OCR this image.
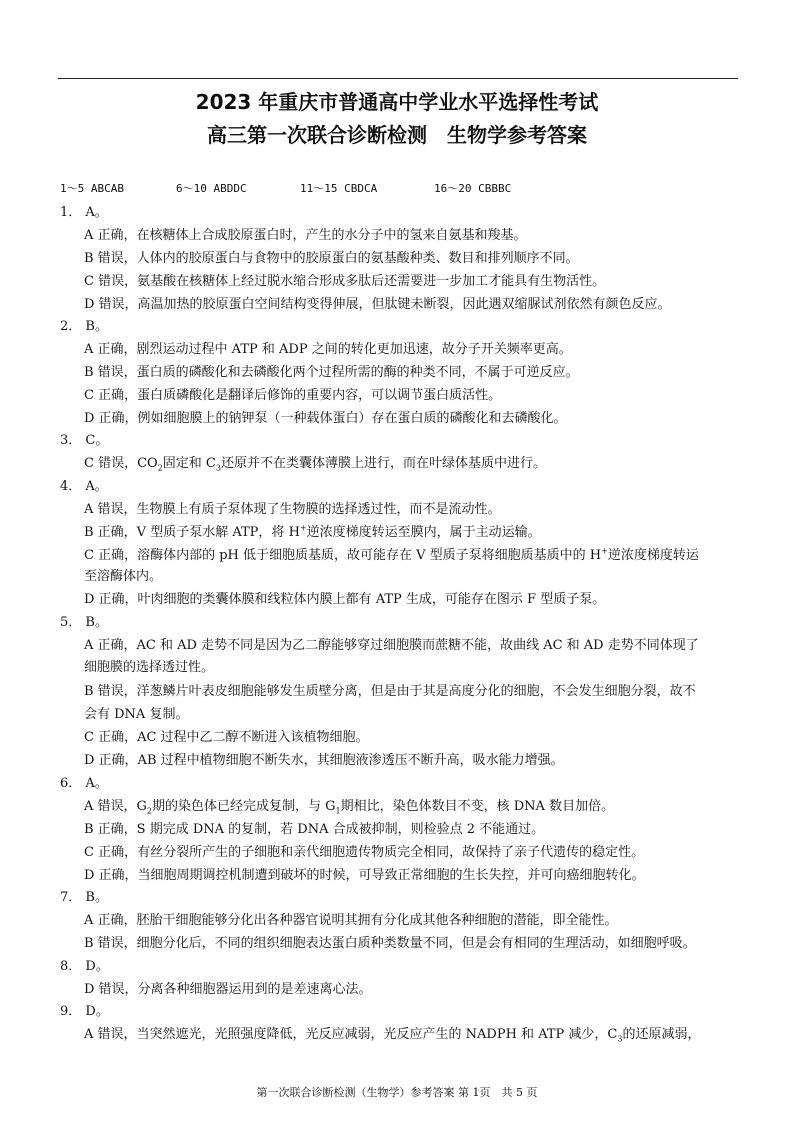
2023 年重庆市普通高中学业水平选择性考试
高三第一次联合诊断检测　生物学参考答案
1～5 ABCAB	6～10 ABDDC	11～15 CBDCA	16～20 CBBBC
1． A。
A 正确，在核糖体上合成胶原蛋白时，产生的水分子中的氢来自氨基和羧基。
B 错误，人体内的胶原蛋白与食物中的胶原蛋白的氨基酸种类、数目和排列顺序不同。
C 错误，氨基酸在核糖体上经过脱水缩合形成多肽后还需要进一步加工才能具有生物活性。
D 错误，高温加热的胶原蛋白空间结构变得伸展，但肽键未断裂，因此遇双缩脲试剂依然有颜色反应。
2． B。
A 正确，剧烈运动过程中 ATP 和 ADP 之间的转化更加迅速，故分子开关频率更高。
B 错误，蛋白质的磷酸化和去磷酸化两个过程所需的酶的种类不同，不属于可逆反应。
C 正确，蛋白质磷酸化是翻译后修饰的重要内容，可以调节蛋白质活性。
D 正确，例如细胞膜上的钠钾泵（一种载体蛋白）存在蛋白质的磷酸化和去磷酸化。
3． C。
C 错误，$CO_2$固定和 $C_3$还原并不在类囊体薄膜上进行，而在叶绿体基质中进行。
4． A。
A 错误，生物膜上有质子泵体现了生物膜的选择透过性，而不是流动性。
B 正确，V 型质子泵水解 ATP，将 H+逆浓度梯度转运至膜内，属于主动运输。
C 正确，溶酶体内部的 pH 低于细胞质基质，故可能存在 V 型质子泵将细胞质基质中的 H+逆浓度梯度转运
至溶酶体内。
D 正确，叶肉细胞的类囊体膜和线粒体内膜上都有 ATP 生成，可能存在图示 F 型质子泵。
5． B。
A 正确，AC 和 AD 走势不同是因为乙二醇能够穿过细胞膜而蔗糖不能，故曲线 AC 和 AD 走势不同体现了
细胞膜的选择透过性。
B 错误，洋葱鳞片叶表皮细胞能够发生质壁分离，但是由于其是高度分化的细胞，不会发生细胞分裂，故不
会有 DNA 复制。
C 正确，AC 过程中乙二醇不断进入该植物细胞。
D 正确，AB 过程中植物细胞不断失水，其细胞液渗透压不断升高，吸水能力增强。
6． A。
A 错误，$G_2$期的染色体已经完成复制，与 $G_1$期相比，染色体数目不变，核 DNA 数目加倍。
B 正确，S 期完成 DNA 的复制，若 DNA 合成被抑制，则检验点 2 不能通过。
C 正确，有丝分裂所产生的子细胞和亲代细胞遗传物质完全相同，故保持了亲子代遗传的稳定性。
D 正确，当细胞周期调控机制遭到破坏的时候，可导致正常细胞的生长失控，并可向癌细胞转化。
7． B。
A 正确，胚胎干细胞能够分化出各种器官说明其拥有分化成其他各种细胞的潜能，即全能性。
B 错误，细胞分化后，不同的组织细胞表达蛋白质种类数量不同，但是会有相同的生理活动，如细胞呼吸。
8． D。
D 错误，分离各种细胞器运用到的是差速离心法。
9． D。
A 错误，当突然遮光，光照强度降低，光反应减弱，光反应产生的 NADPH 和 ATP 减少，$C_3$的还原减弱，
第一次联合诊断检测（生物学）参考答案 第 1页　共 5 页
